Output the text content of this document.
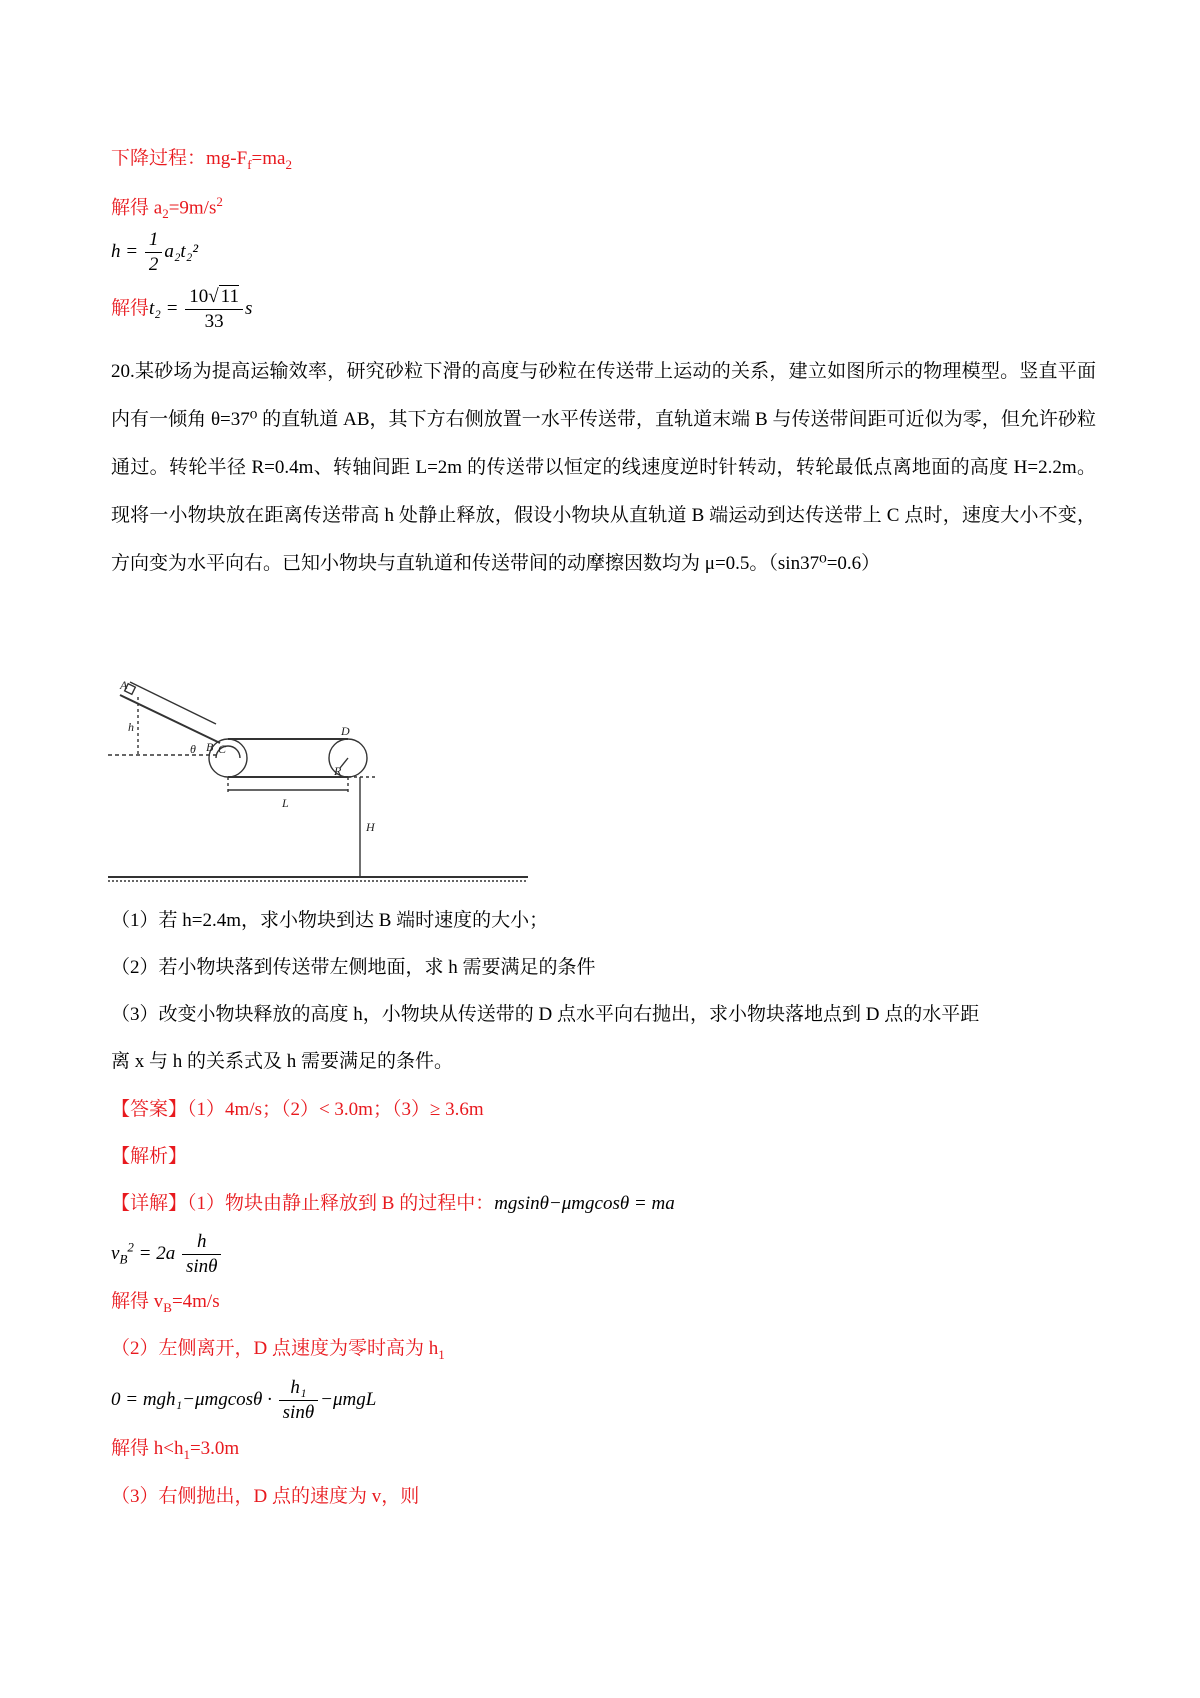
下降过程：$mg-F_f=ma_2$
解得 $a_2=9m/s^2$
$h = \frac{1}{2} a_2t_2^2$
解得$t_2 = \frac{10√ 11}{33}$ s
20.某砂场为提高运输效率，研究砂粒下滑的高度与砂粒在传送带上运动的关系，建立如图所示的物理模型。竖直平面内有一倾角 θ=37⁰ 的直轨道 AB，其下方右侧放置一水平传送带，直轨道末端 B 与传送带间距可近似为零，但允许砂粒通过。转轮半径 R=0.4m、转轴间距 L=2m 的传送带以恒定的线速度逆时针转动，转轮最低点离地面的高度 H=2.2m。现将一小物块放在距离传送带高 h 处静止释放，假设小物块从直轨道 B 端运动到达传送带上 C 点时，速度大小不变，方向变为水平向右。已知小物块与直轨道和传送带间的动摩擦因数均为 μ=0.5。（sin37⁰=0.6）
A
h
θ B C
D
R
L
H
（1）若 h=2.4m，求小物块到达 B 端时速度的大小；
（2）若小物块落到传送带左侧地面，求 h 需要满足的条件
（3）改变小物块释放的高度 h，小物块从传送带的 D 点水平向右抛出，求小物块落地点到 D 点的水平距
离 x 与 h 的关系式及 h 需要满足的条件。
【答案】（1）4m/s；（2）< 3.0m；（3）≥ 3.6m
【解析】
【详解】（1）物块由静止释放到 B 的过程中：mgsinθ−μmgcosθ = ma
$v_B^2 = 2a \frac{h}{\sin\theta}$
解得 $v_B=4m/s$
（2）左侧离开，D 点速度为零时高为 $h_1$
$0 = mgh_1-\mu mgcos\theta \cdot \frac{\text{h₁}}{\sin\theta} -\mu mgL$
解得 $h<h_1=3.0m$
（3）右侧抛出，D 点的速度为 v，则
